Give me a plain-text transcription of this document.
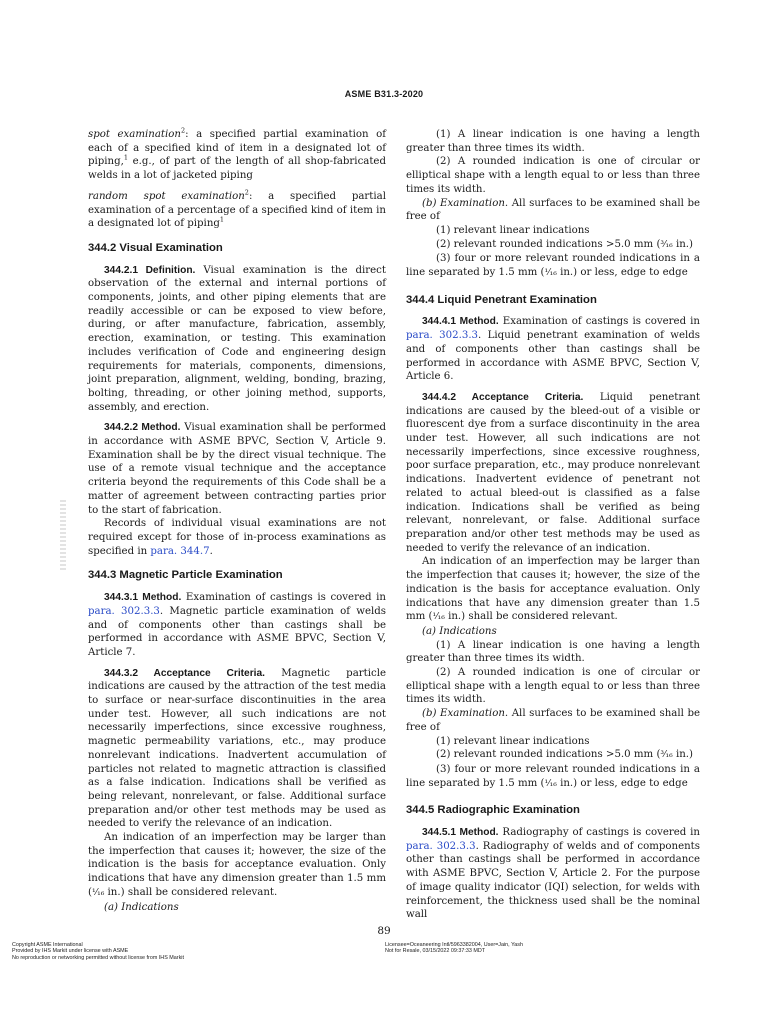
ASME B31.3-2020

spot examination$^2$: a specified partial examination of each of a specified kind of item in a designated lot of piping,$^1$ e.g., of part of the length of all shop-fabricated welds in a lot of jacketed piping

random spot examination$^2$: a specified partial examination of a percentage of a specified kind of item in a designated lot of piping$^1$

344.2 Visual Examination

344.2.1 Definition. Visual examination is the direct observation of the external and internal portions of components, joints, and other piping elements that are readily accessible or can be exposed to view before, during, or after manufacture, fabrication, assembly, erection, examination, or testing. This examination includes verification of Code and engineering design requirements for materials, components, dimensions, joint preparation, alignment, welding, bonding, brazing, bolting, threading, or other joining method, supports, assembly, and erection.

344.2.2 Method. Visual examination shall be performed in accordance with ASME BPVC, Section V, Article 9. Examination shall be by the direct visual technique. The use of a remote visual technique and the acceptance criteria beyond the requirements of this Code shall be a matter of agreement between contracting parties prior to the start of fabrication.

Records of individual visual examinations are not required except for those of in-process examinations as specified in para. 344.7.

344.3 Magnetic Particle Examination

344.3.1 Method. Examination of castings is covered in para. 302.3.3. Magnetic particle examination of welds and of components other than castings shall be performed in accordance with ASME BPVC, Section V, Article 7.

344.3.2 Acceptance Criteria. Magnetic particle indications are caused by the attraction of the test media to surface or near-surface discontinuities in the area under test. However, all such indications are not necessarily imperfections, since excessive roughness, magnetic permeability variations, etc., may produce nonrelevant indications. Inadvertent accumulation of particles not related to magnetic attraction is classified as a false indication. Indications shall be verified as being relevant, nonrelevant, or false. Additional surface preparation and/or other test methods may be used as needed to verify the relevance of an indication.

An indication of an imperfection may be larger than the imperfection that causes it; however, the size of the indication is the basis for acceptance evaluation. Only indications that have any dimension greater than 1.5 mm (¹⁄₁₆ in.) shall be considered relevant.

(a) Indications

(1) A linear indication is one having a length greater than three times its width.

(2) A rounded indication is one of circular or elliptical shape with a length equal to or less than three times its width.

(b) Examination. All surfaces to be examined shall be free of

(1) relevant linear indications

(2) relevant rounded indications >5.0 mm (³⁄₁₆ in.)

(3) four or more relevant rounded indications in a line separated by 1.5 mm (¹⁄₁₆ in.) or less, edge to edge

344.4 Liquid Penetrant Examination

344.4.1 Method. Examination of castings is covered in para. 302.3.3. Liquid penetrant examination of welds and of components other than castings shall be performed in accordance with ASME BPVC, Section V, Article 6.

344.4.2 Acceptance Criteria. Liquid penetrant indications are caused by the bleed-out of a visible or fluorescent dye from a surface discontinuity in the area under test. However, all such indications are not necessarily imperfections, since excessive roughness, poor surface preparation, etc., may produce nonrelevant indications. Inadvertent evidence of penetrant not related to actual bleed-out is classified as a false indication. Indications shall be verified as being relevant, nonrelevant, or false. Additional surface preparation and/or other test methods may be used as needed to verify the relevance of an indication.

An indication of an imperfection may be larger than the imperfection that causes it; however, the size of the indication is the basis for acceptance evaluation. Only indications that have any dimension greater than 1.5 mm (¹⁄₁₆ in.) shall be considered relevant.

(a) Indications

(1) A linear indication is one having a length greater than three times its width.

(2) A rounded indication is one of circular or elliptical shape with a length equal to or less than three times its width.

(b) Examination. All surfaces to be examined shall be free of

(1) relevant linear indications

(2) relevant rounded indications >5.0 mm (³⁄₁₆ in.)

(3) four or more relevant rounded indications in a line separated by 1.5 mm (¹⁄₁₆ in.) or less, edge to edge

344.5 Radiographic Examination

344.5.1 Method. Radiography of castings is covered in para. 302.3.3. Radiography of welds and of components other than castings shall be performed in accordance with ASME BPVC, Section V, Article 2. For the purpose of image quality indicator (IQI) selection, for welds with reinforcement, the thickness used shall be the nominal wall

89
Copyright ASME International
Provided by IHS Markit under license with ASME
No reproduction or networking permitted without license from IHS Markit
Licensee=Oceaneering Intl/5963382004, User=Jain, Yash
Not for Resale, 03/15/2022 09:37:33 MDT
